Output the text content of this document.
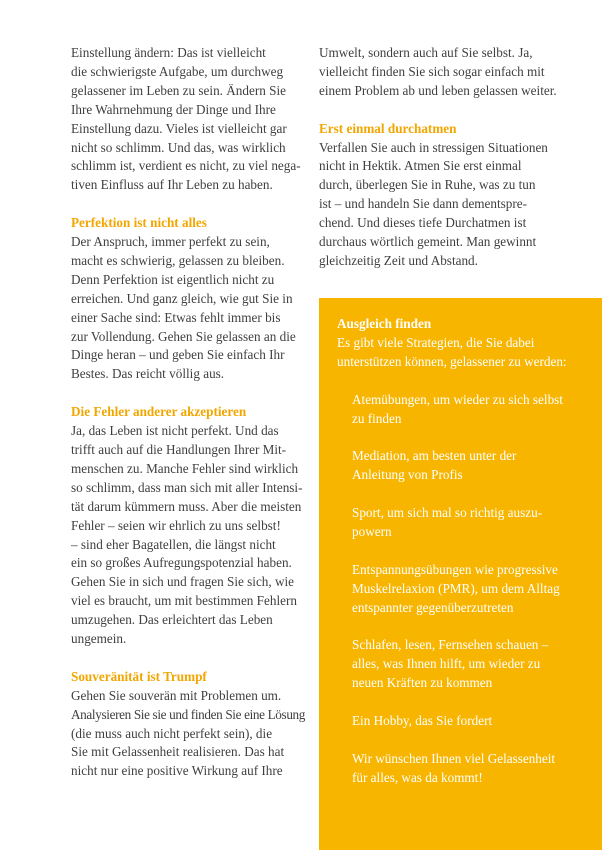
Einstellung ändern: Das ist vielleicht
die schwierigste Aufgabe, um durchweg
gelassener im Leben zu sein. Ändern Sie
Ihre Wahrnehmung der Dinge und Ihre
Einstellung dazu. Vieles ist vielleicht gar
nicht so schlimm. Und das, was wirklich
schlimm ist, verdient es nicht, zu viel nega-
tiven Einfluss auf Ihr Leben zu haben.
Perfektion ist nicht alles
Der Anspruch, immer perfekt zu sein,
macht es schwierig, gelassen zu bleiben.
Denn Perfektion ist eigentlich nicht zu
erreichen. Und ganz gleich, wie gut Sie in
einer Sache sind: Etwas fehlt immer bis
zur Vollendung. Gehen Sie gelassen an die
Dinge heran – und geben Sie einfach Ihr
Bestes. Das reicht völlig aus.
Die Fehler anderer akzeptieren
Ja, das Leben ist nicht perfekt. Und das
trifft auch auf die Handlungen Ihrer Mit-
menschen zu. Manche Fehler sind wirklich
so schlimm, dass man sich mit aller Intensi-
tät darum kümmern muss. Aber die meisten
Fehler – seien wir ehrlich zu uns selbst!
– sind eher Bagatellen, die längst nicht
ein so großes Aufregungspotenzial haben.
Gehen Sie in sich und fragen Sie sich, wie
viel es braucht, um mit bestimmen Fehlern
umzugehen. Das erleichtert das Leben
ungemein.
Souveränität ist Trumpf
Gehen Sie souverän mit Problemen um.
Analysieren Sie sie und finden Sie eine Lösung
(die muss auch nicht perfekt sein), die
Sie mit Gelassenheit realisieren. Das hat
nicht nur eine positive Wirkung auf Ihre
Umwelt, sondern auch auf Sie selbst. Ja,
vielleicht finden Sie sich sogar einfach mit
einem Problem ab und leben gelassen weiter.
Erst einmal durchatmen
Verfallen Sie auch in stressigen Situationen
nicht in Hektik. Atmen Sie erst einmal
durch, überlegen Sie in Ruhe, was zu tun
ist – und handeln Sie dann dementspre-
chend. Und dieses tiefe Durchatmen ist
durchaus wörtlich gemeint. Man gewinnt
gleichzeitig Zeit und Abstand.
Ausgleich finden
Es gibt viele Strategien, die Sie dabei
unterstützen können, gelassener zu werden:
Atemübungen, um wieder zu sich selbst
zu finden
Mediation, am besten unter der
Anleitung von Profis
Sport, um sich mal so richtig auszu-
powern
Entspannungsübungen wie progressive
Muskelrelaxion (PMR), um dem Alltag
entspannter gegenüberzutreten
Schlafen, lesen, Fernsehen schauen –
alles, was Ihnen hilft, um wieder zu
neuen Kräften zu kommen
Ein Hobby, das Sie fordert
Wir wünschen Ihnen viel Gelassenheit
für alles, was da kommt!
